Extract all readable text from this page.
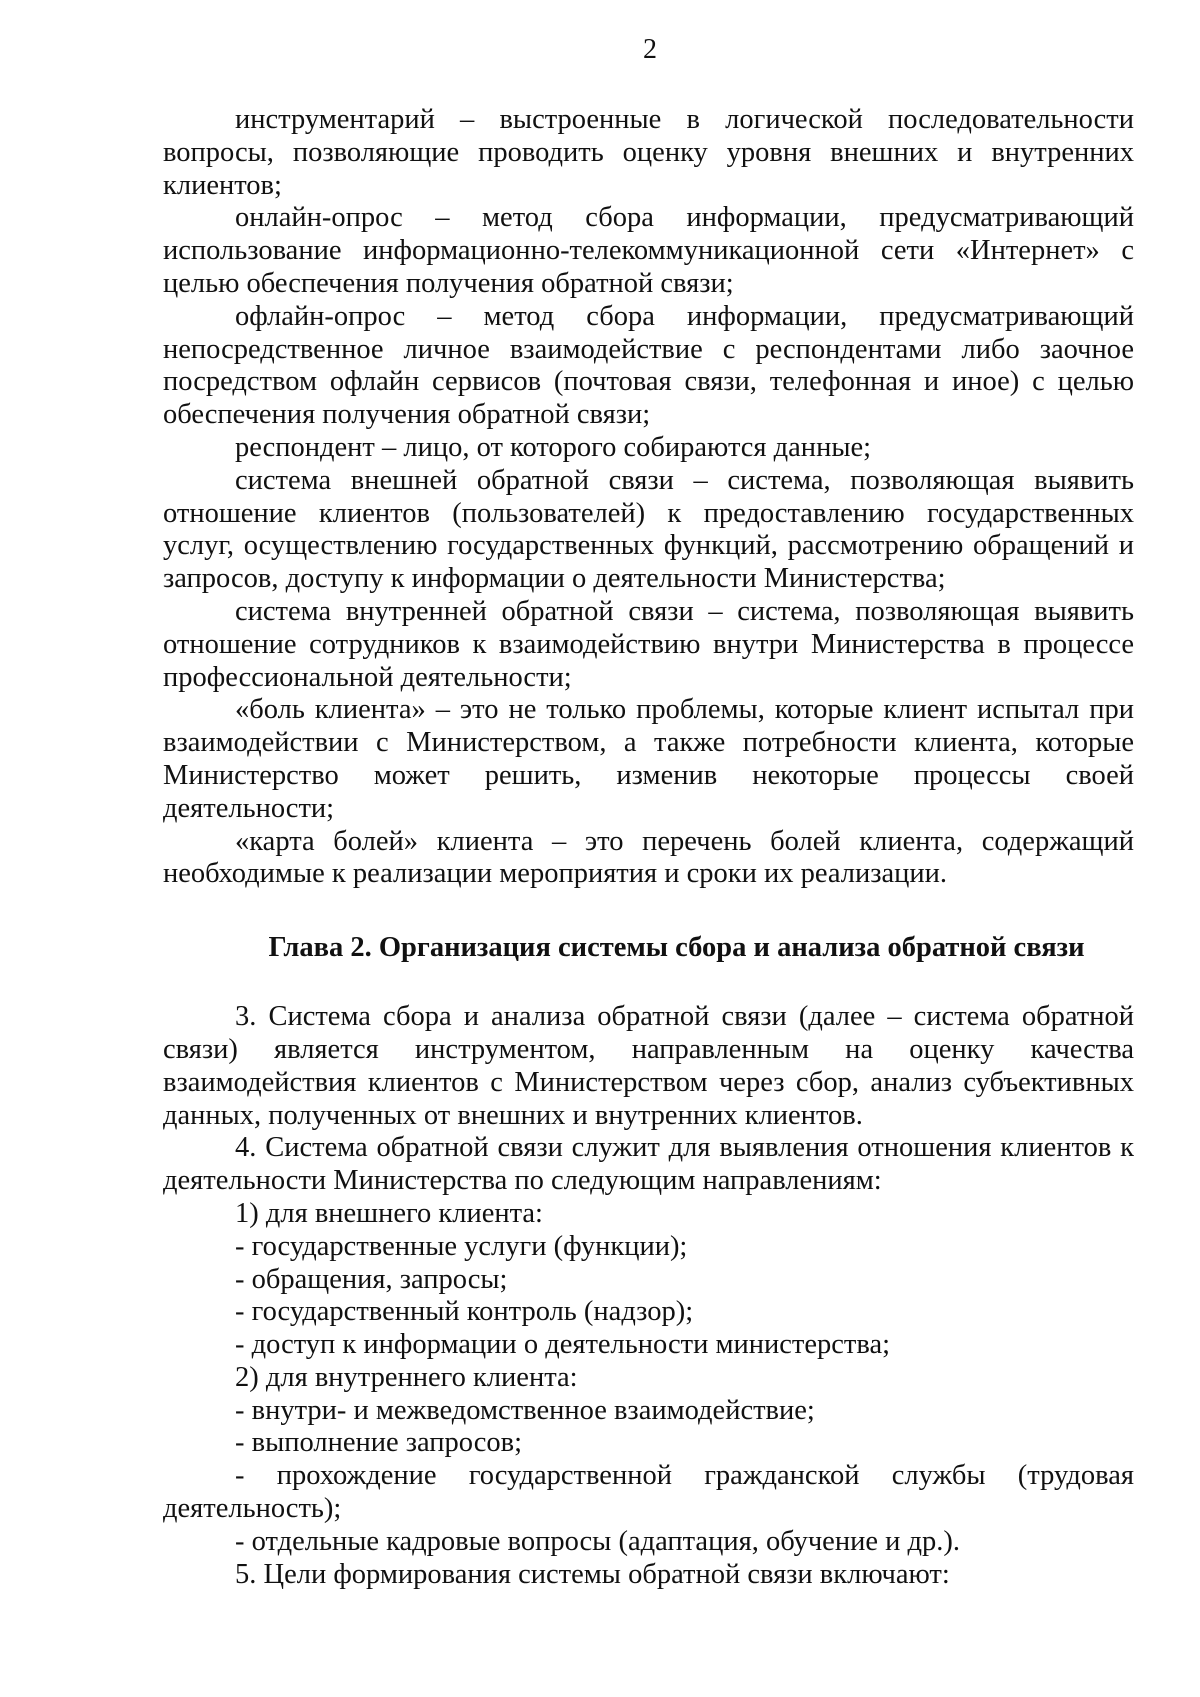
2

инструментарий – выстроенные в логической последовательности вопросы, позволяющие проводить оценку уровня внешних и внутренних клиентов;

онлайн-опрос – метод сбора информации, предусматривающий использование информационно-телекоммуникационной сети «Интернет» с целью обеспечения получения обратной связи;

офлайн-опрос – метод сбора информации, предусматривающий непосредственное личное взаимодействие с респондентами либо заочное посредством офлайн сервисов (почтовая связи, телефонная и иное) с целью обеспечения получения обратной связи;

респондент – лицо, от которого собираются данные;

система внешней обратной связи – система, позволяющая выявить отношение клиентов (пользователей) к предоставлению государственных услуг, осуществлению государственных функций, рассмотрению обращений и запросов, доступу к информации о деятельности Министерства;

система внутренней обратной связи – система, позволяющая выявить отношение сотрудников к взаимодействию внутри Министерства в процессе профессиональной деятельности;

«боль клиента» – это не только проблемы, которые клиент испытал при взаимодействии с Министерством, а также потребности клиента, которые Министерство может решить, изменив некоторые процессы своей деятельности;

«карта болей» клиента – это перечень болей клиента, содержащий необходимые к реализации мероприятия и сроки их реализации.

Глава 2. Организация системы сбора и анализа обратной связи

3. Система сбора и анализа обратной связи (далее – система обратной связи) является инструментом, направленным на оценку качества взаимодействия клиентов с Министерством через сбор, анализ субъективных данных, полученных от внешних и внутренних клиентов.

4. Система обратной связи служит для выявления отношения клиентов к деятельности Министерства по следующим направлениям:

1) для внешнего клиента:

- государственные услуги (функции);

- обращения, запросы;

- государственный контроль (надзор);

- доступ к информации о деятельности министерства;

2) для внутреннего клиента:

- внутри- и межведомственное взаимодействие;

- выполнение запросов;

- прохождение государственной гражданской службы (трудовая деятельность);

- отдельные кадровые вопросы (адаптация, обучение и др.).

5. Цели формирования системы обратной связи включают:
